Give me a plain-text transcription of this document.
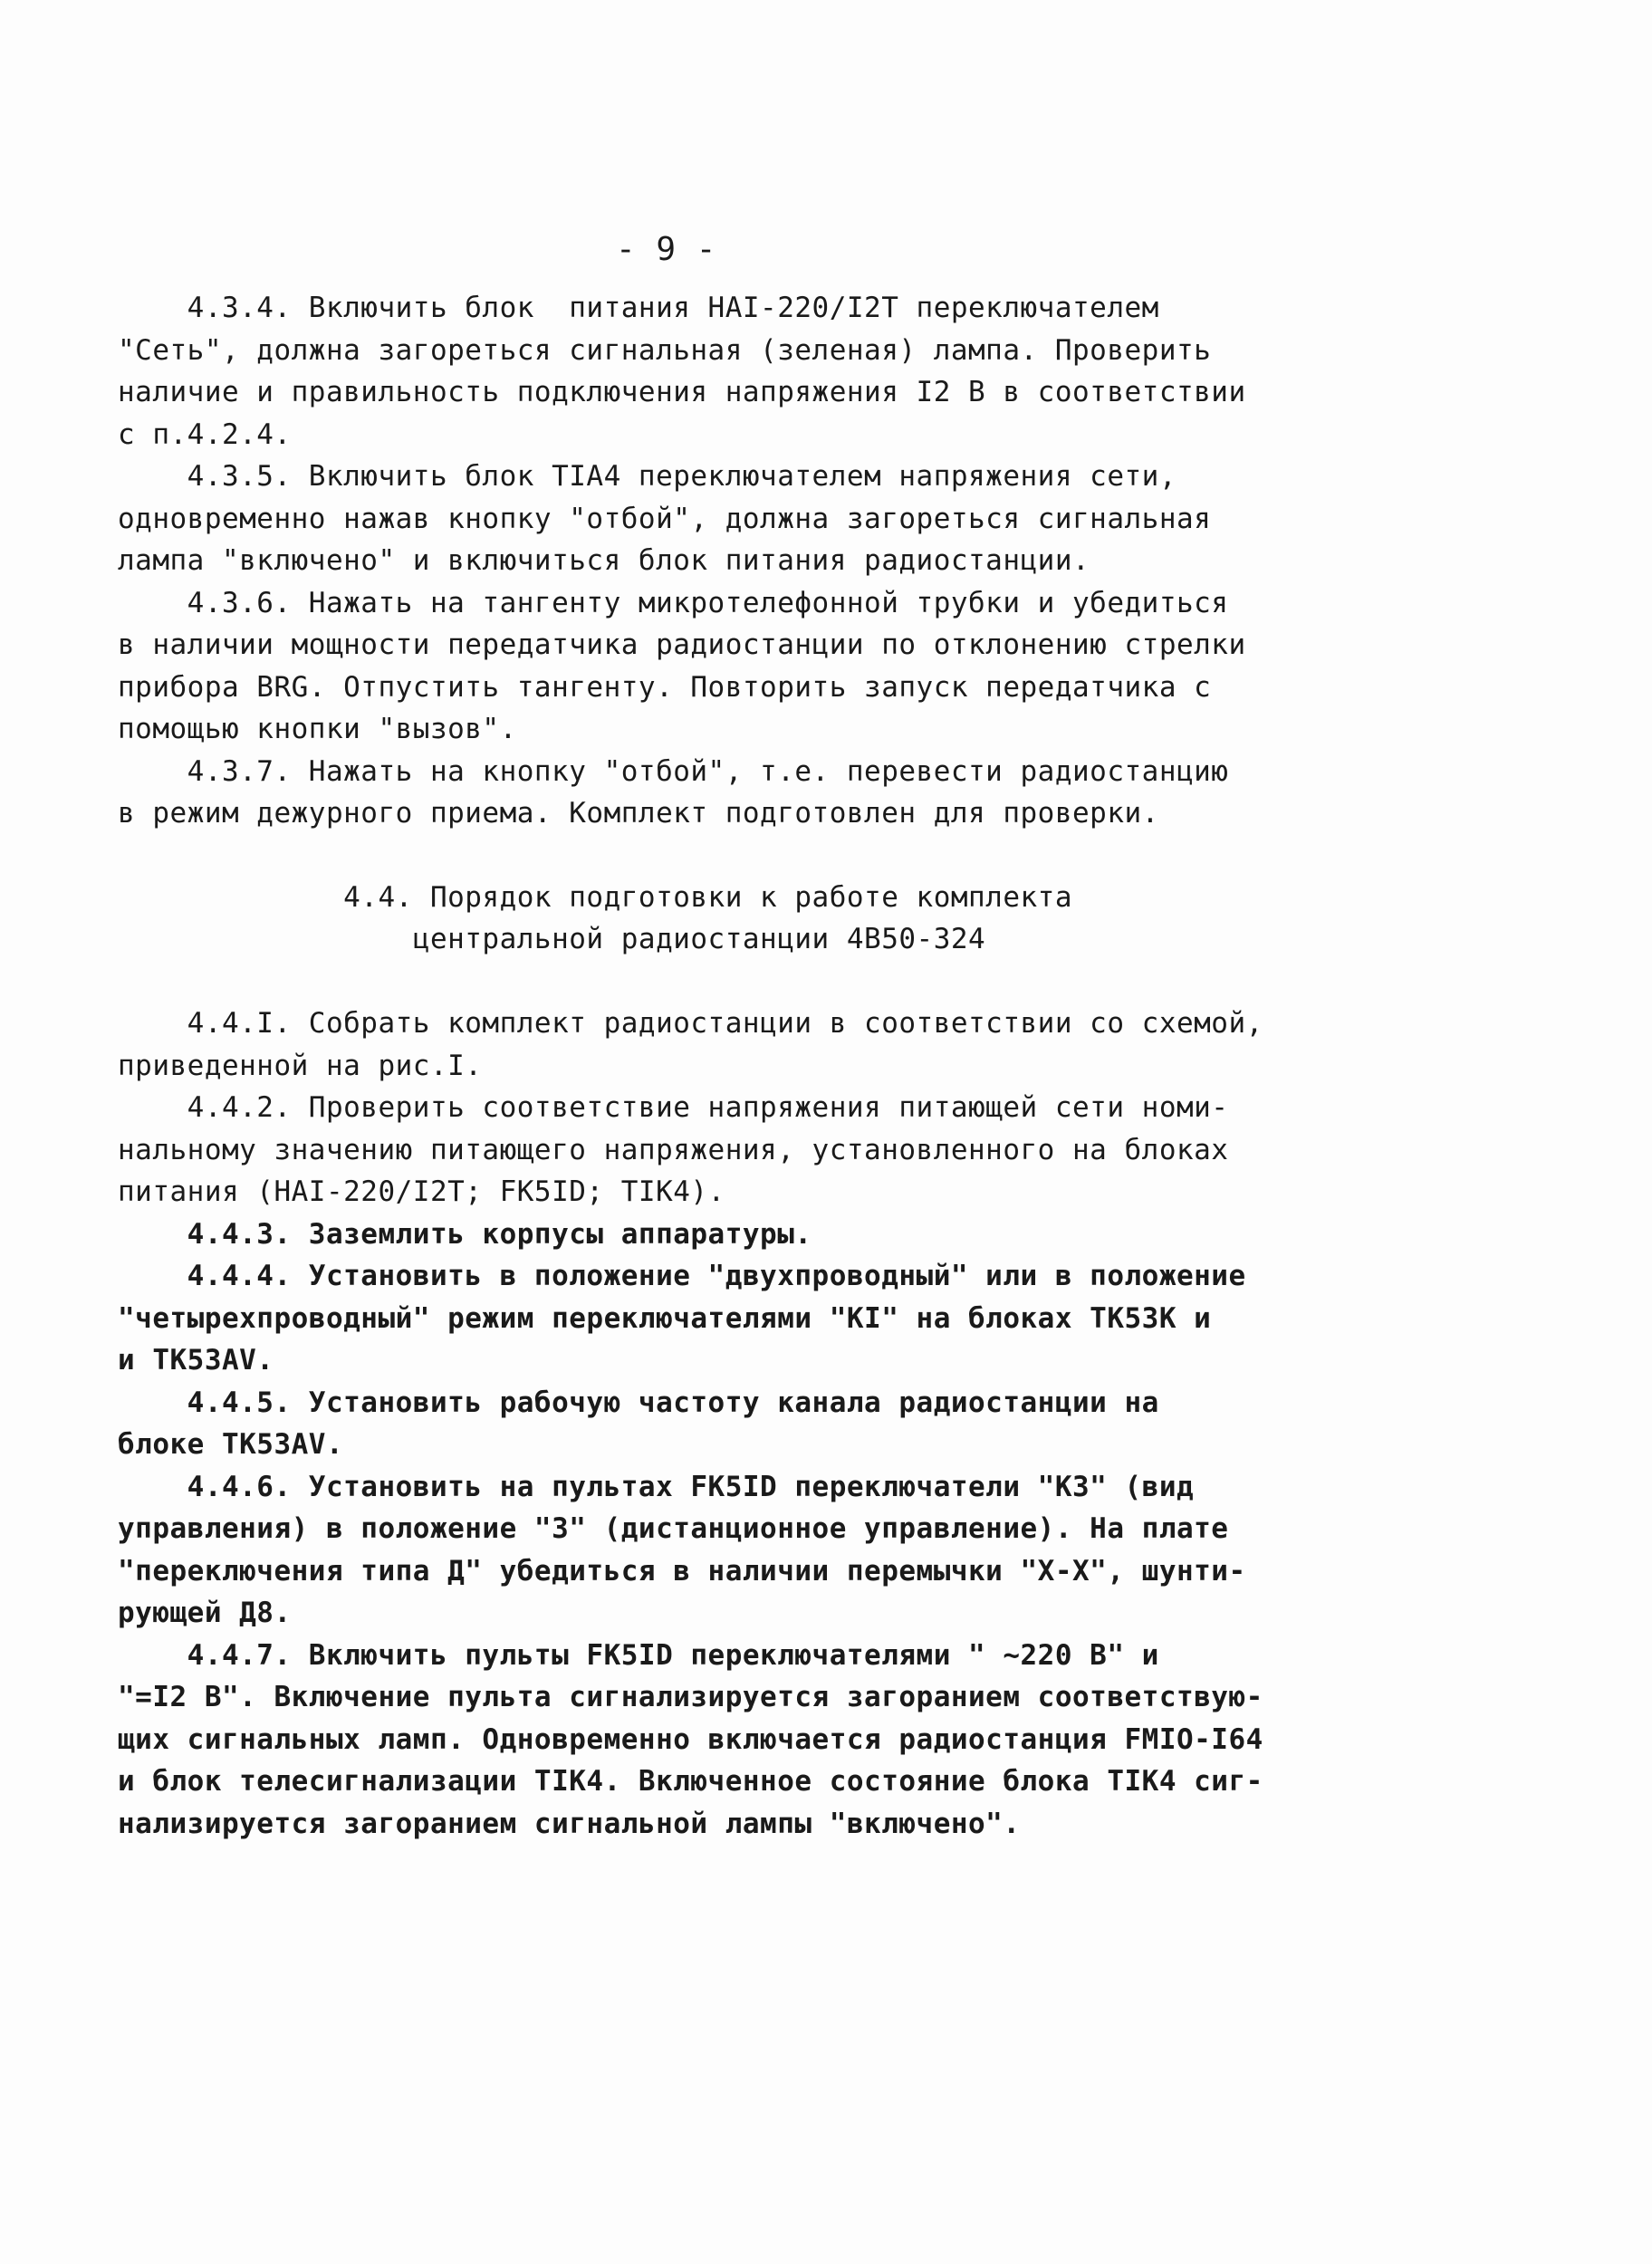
- 9 -
4.3.4. Включить блок  питания НАI-220/I2Т переключателем
"Сеть", должна загореться сигнальная (зеленая) лампа. Проверить
наличие и правильность подключения напряжения I2 В в соответствии
с п.4.2.4.
4.3.5. Включить блок ТIА4 переключателем напряжения сети,
одновременно нажав кнопку "отбой", должна загореться сигнальная
лампа "включено" и включиться блок питания радиостанции.
4.3.6. Нажать на тангенту микротелефонной трубки и убедиться
в наличии мощности передатчика радиостанции по отклонению стрелки
прибора BRG. Отпустить тангенту. Повторить запуск передатчика с
помощью кнопки "вызов".
4.3.7. Нажать на кнопку "отбой", т.е. перевести радиостанцию
в режим дежурного приема. Комплект подготовлен для проверки.
4.4. Порядок подготовки к работе комплекта
центральной радиостанции 4В50-324
4.4.I. Собрать комплект радиостанции в соответствии со схемой,
приведенной на рис.I.
4.4.2. Проверить соответствие напряжения питающей сети номи-
нальному значению питающего напряжения, установленного на блоках
питания (НАI-220/I2Т; FK5ID; ТIК4).
4.4.3. Заземлить корпусы аппаратуры.
4.4.4. Установить в положение "двухпроводный" или в положение
"четырехпроводный" режим переключателями "КI" на блоках ТК53К и
и ТК53АV.
4.4.5. Установить рабочую частоту канала радиостанции на
блоке ТК53АV.
4.4.6. Установить на пультах FK5ID переключатели "К3" (вид
управления) в положение "3" (дистанционное управление). На плате
"переключения типа Д" убедиться в наличии перемычки "Х-Х", шунти-
рующей Д8.
4.4.7. Включить пульты FK5ID переключателями " ~220 В" и
"=I2 В". Включение пульта сигнализируется загоранием соответствую-
щих сигнальных ламп. Одновременно включается радиостанция FMIO-I64
и блок телесигнализации ТIК4. Включенное состояние блока ТIК4 сиг-
нализируется загоранием сигнальной лампы "включено".
